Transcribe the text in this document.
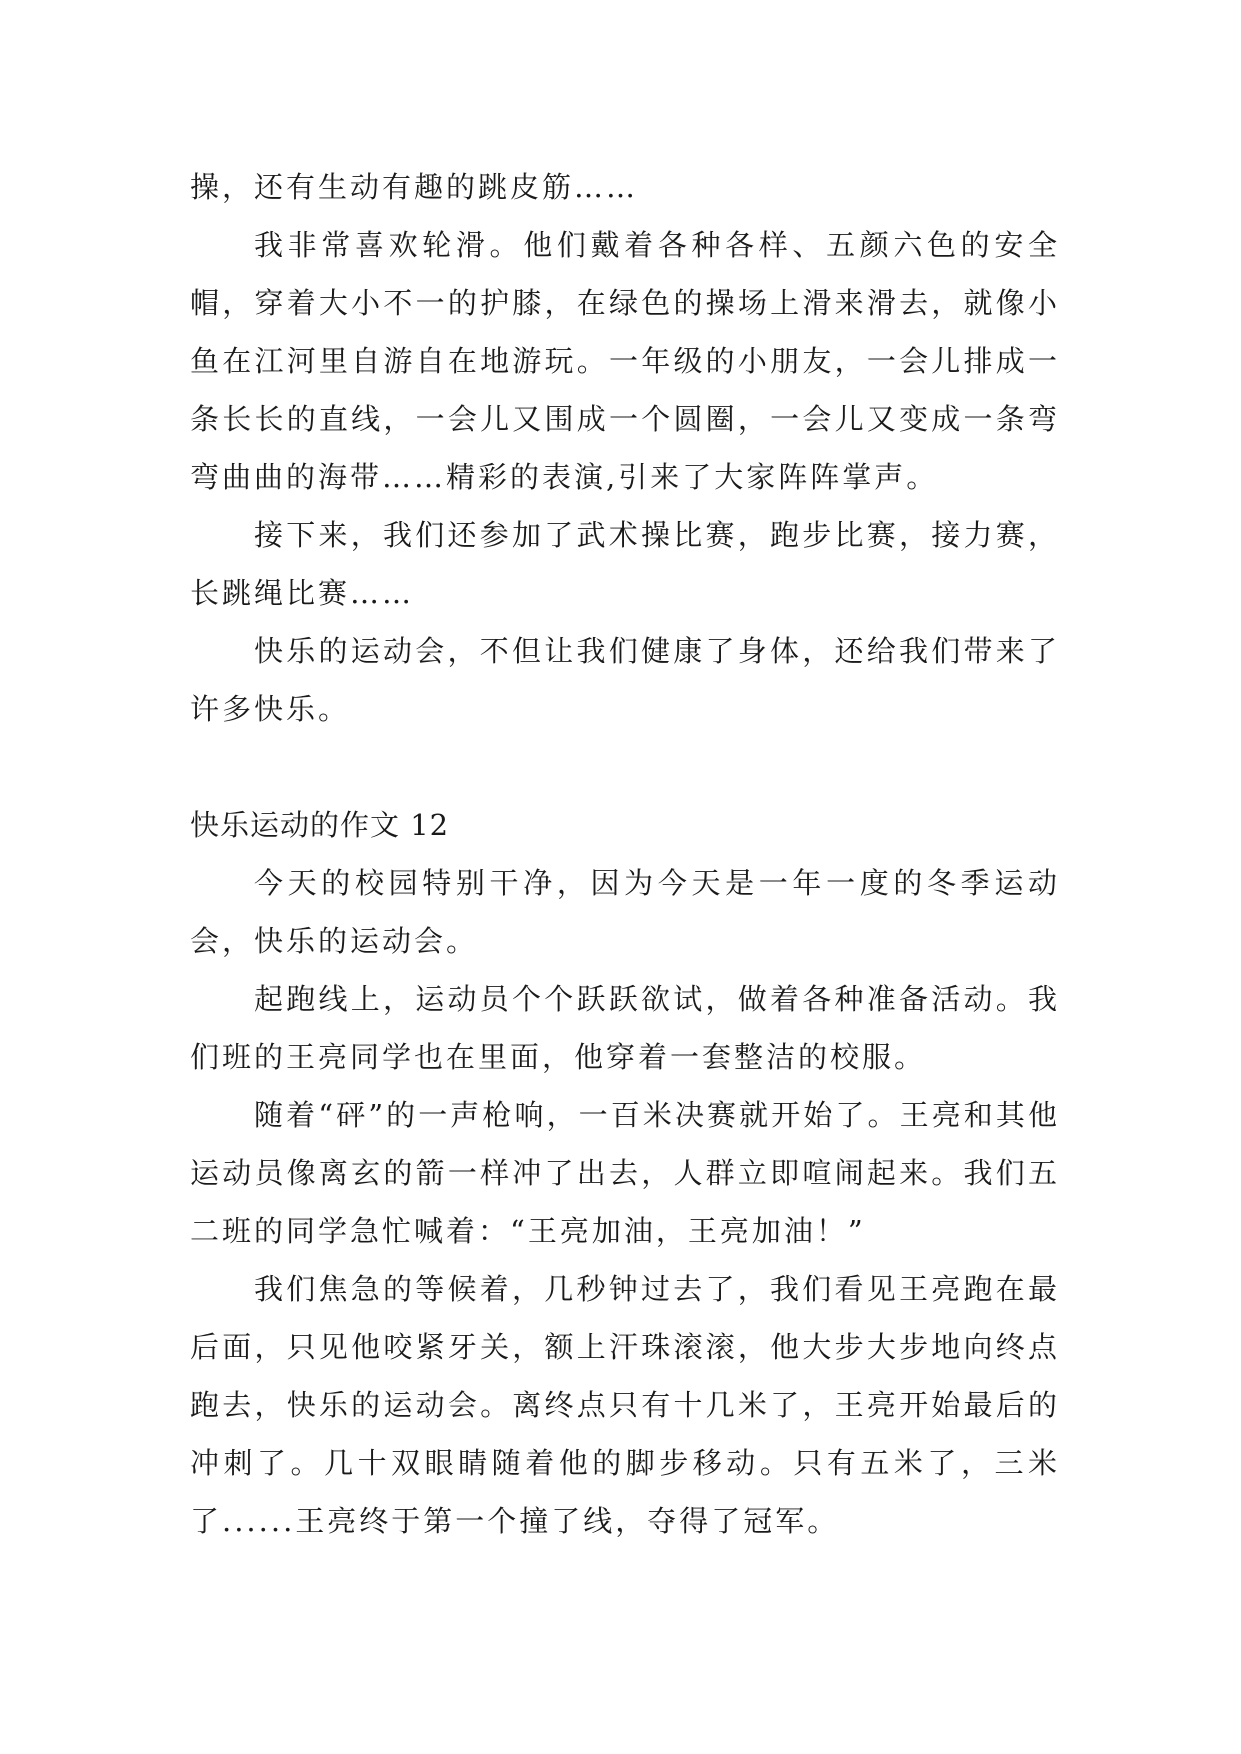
操，还有生动有趣的跳皮筋……

我非常喜欢轮滑。他们戴着各种各样、五颜六色的安全帽，穿着大小不一的护膝，在绿色的操场上滑来滑去，就像小鱼在江河里自游自在地游玩。一年级的小朋友，一会儿排成一条长长的直线，一会儿又围成一个圆圈，一会儿又变成一条弯弯曲曲的海带……精彩的表演,引来了大家阵阵掌声。

接下来，我们还参加了武术操比赛，跑步比赛，接力赛，长跳绳比赛……

快乐的运动会，不但让我们健康了身体，还给我们带来了许多快乐。

快乐运动的作文 12

今天的校园特别干净，因为今天是一年一度的冬季运动会，快乐的运动会。

起跑线上，运动员个个跃跃欲试，做着各种准备活动。我们班的王亮同学也在里面，他穿着一套整洁的校服。

随着“砰”的一声枪响，一百米决赛就开始了。王亮和其他运动员像离玄的箭一样冲了出去，人群立即喧闹起来。我们五二班的同学急忙喊着：“王亮加油，王亮加油！”

我们焦急的等候着，几秒钟过去了，我们看见王亮跑在最后面，只见他咬紧牙关，额上汗珠滚滚，他大步大步地向终点跑去，快乐的运动会。离终点只有十几米了，王亮开始最后的冲刺了。几十双眼睛随着他的脚步移动。只有五米了，三米了......王亮终于第一个撞了线，夺得了冠军。
